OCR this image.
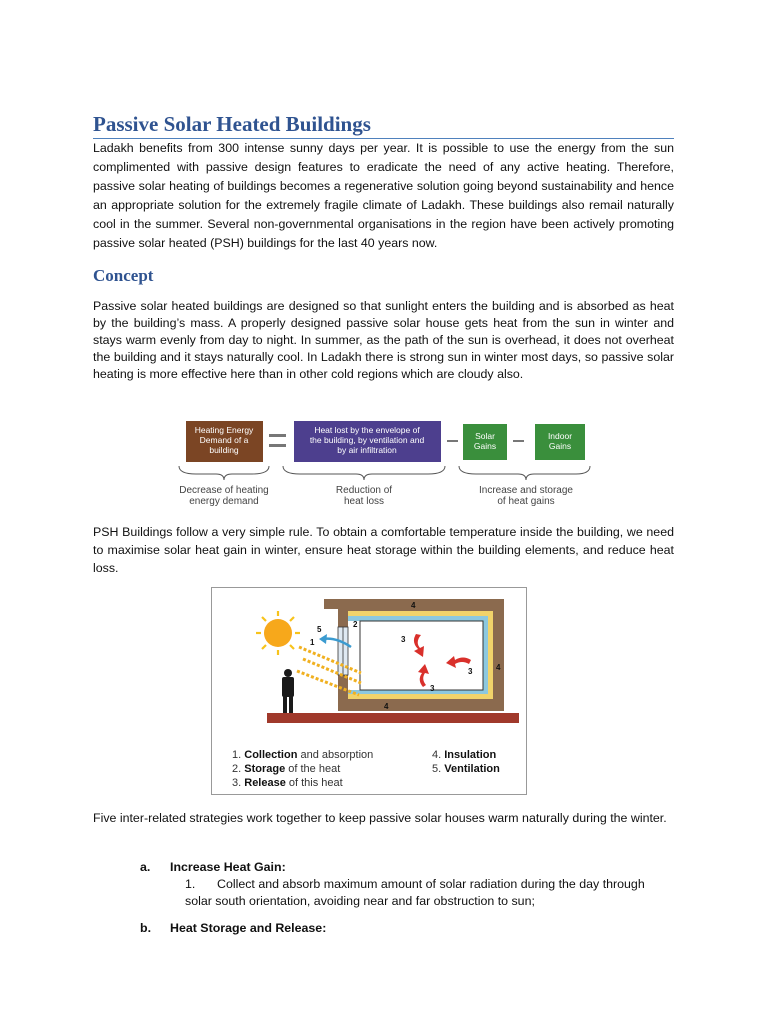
Passive Solar Heated Buildings

Ladakh benefits from 300 intense sunny days per year. It is possible to use the energy from the sun complimented with passive design features to eradicate the need of any active heating. Therefore, passive solar heating of buildings becomes a regenerative solution going beyond sustainability and hence an appropriate solution for the extremely fragile climate of Ladakh. These buildings also remail naturally cool in the summer. Several non-governmental organisations in the region have been actively promoting passive solar heated (PSH) buildings for the last 40 years now.

Concept

Passive solar heated buildings are designed so that sunlight enters the building and is absorbed as heat by the building’s mass. A properly designed passive solar house gets heat from the sun in winter and stays warm evenly from day to night. In summer, as the path of the sun is overhead, it does not overheat the building and it stays naturally cool. In Ladakh there is strong sun in winter most days, so passive solar heating is more effective here than in other cold regions which are cloudy also.

PSH Buildings follow a very simple rule. To obtain a comfortable temperature inside the building, we need to maximise solar heat gain in winter, ensure heat storage within the building elements, and reduce heat loss.

Five inter-related strategies work together to keep passive solar houses warm naturally during the winter.

a. Increase Heat Gain:
1.	Collect and absorb maximum amount of solar radiation during the day through solar south orientation, avoiding near and far obstruction to sun;
b. Heat Storage and Release:
Heating Energy
Demand of a
building
Heat lost by the envelope of
the building, by ventilation and
by air infiltration
Solar
Gains
Indoor
Gains
Decrease of heating
energy demand
Reduction of
heat loss
Increase and storage
of heat gains
1
5
2
4
4
4
3
3
3
1. Collection and absorption
2. Storage of the heat
3. Release of this heat
4. Insulation
5. Ventilation
